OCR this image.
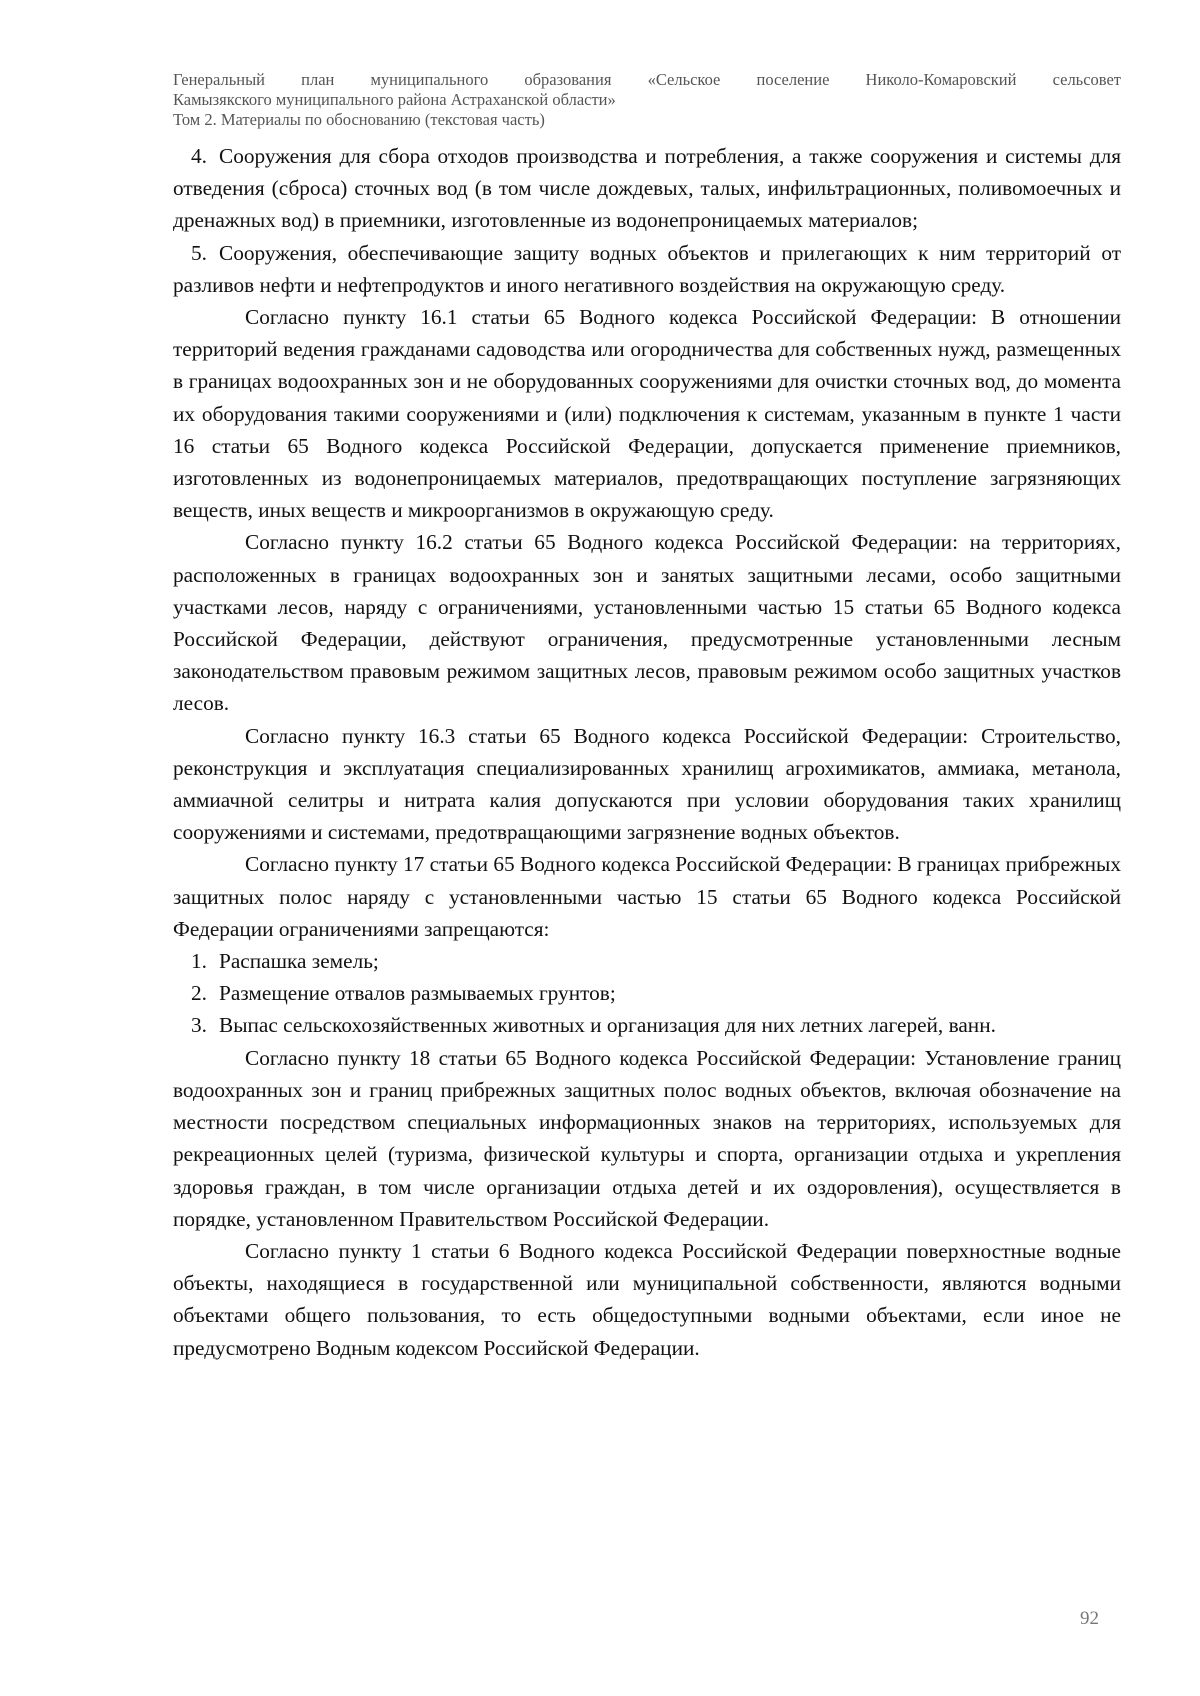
Генеральный план муниципального образования «Сельское поселение Николо-Комаровский сельсовет
Камызякского муниципального района Астраханской области»
Том 2. Материалы по обоснованию (текстовая часть)

4. Сооружения для сбора отходов производства и потребления, а также сооружения и системы для отведения (сброса) сточных вод (в том числе дождевых, талых, инфильтрационных, поливомоечных и дренажных вод) в приемники, изготовленные из водонепроницаемых материалов;

5. Сооружения, обеспечивающие защиту водных объектов и прилегающих к ним территорий от разливов нефти и нефтепродуктов и иного негативного воздействия на окружающую среду.

Согласно пункту 16.1 статьи 65 Водного кодекса Российской Федерации: В отношении территорий ведения гражданами садоводства или огородничества для собственных нужд, размещенных в границах водоохранных зон и не оборудованных сооружениями для очистки сточных вод, до момента их оборудования такими сооружениями и (или) подключения к системам, указанным в пункте 1 части 16 статьи 65 Водного кодекса Российской Федерации, допускается применение приемников, изготовленных из водонепроницаемых материалов, предотвращающих поступление загрязняющих веществ, иных веществ и микроорганизмов в окружающую среду.

Согласно пункту 16.2 статьи 65 Водного кодекса Российской Федерации: на территориях, расположенных в границах водоохранных зон и занятых защитными лесами, особо защитными участками лесов, наряду с ограничениями, установленными частью 15 статьи 65 Водного кодекса Российской Федерации, действуют ограничения, предусмотренные установленными лесным законодательством правовым режимом защитных лесов, правовым режимом особо защитных участков лесов.

Согласно пункту 16.3 статьи 65 Водного кодекса Российской Федерации: Строительство, реконструкция и эксплуатация специализированных хранилищ агрохимикатов, аммиака, метанола, аммиачной селитры и нитрата калия допускаются при условии оборудования таких хранилищ сооружениями и системами, предотвращающими загрязнение водных объектов.

Согласно пункту 17 статьи 65 Водного кодекса Российской Федерации: В границах прибрежных защитных полос наряду с установленными частью 15 статьи 65 Водного кодекса Российской Федерации ограничениями запрещаются:

1. Распашка земель;

2. Размещение отвалов размываемых грунтов;

3. Выпас сельскохозяйственных животных и организация для них летних лагерей, ванн.

Согласно пункту 18 статьи 65 Водного кодекса Российской Федерации: Установление границ водоохранных зон и границ прибрежных защитных полос водных объектов, включая обозначение на местности посредством специальных информационных знаков на территориях, используемых для рекреационных целей (туризма, физической культуры и спорта, организации отдыха и укрепления здоровья граждан, в том числе организации отдыха детей и их оздоровления), осуществляется в порядке, установленном Правительством Российской Федерации.

Согласно пункту 1 статьи 6 Водного кодекса Российской Федерации поверхностные водные объекты, находящиеся в государственной или муниципальной собственности, являются водными объектами общего пользования, то есть общедоступными водными объектами, если иное не предусмотрено Водным кодексом Российской Федерации.

92
